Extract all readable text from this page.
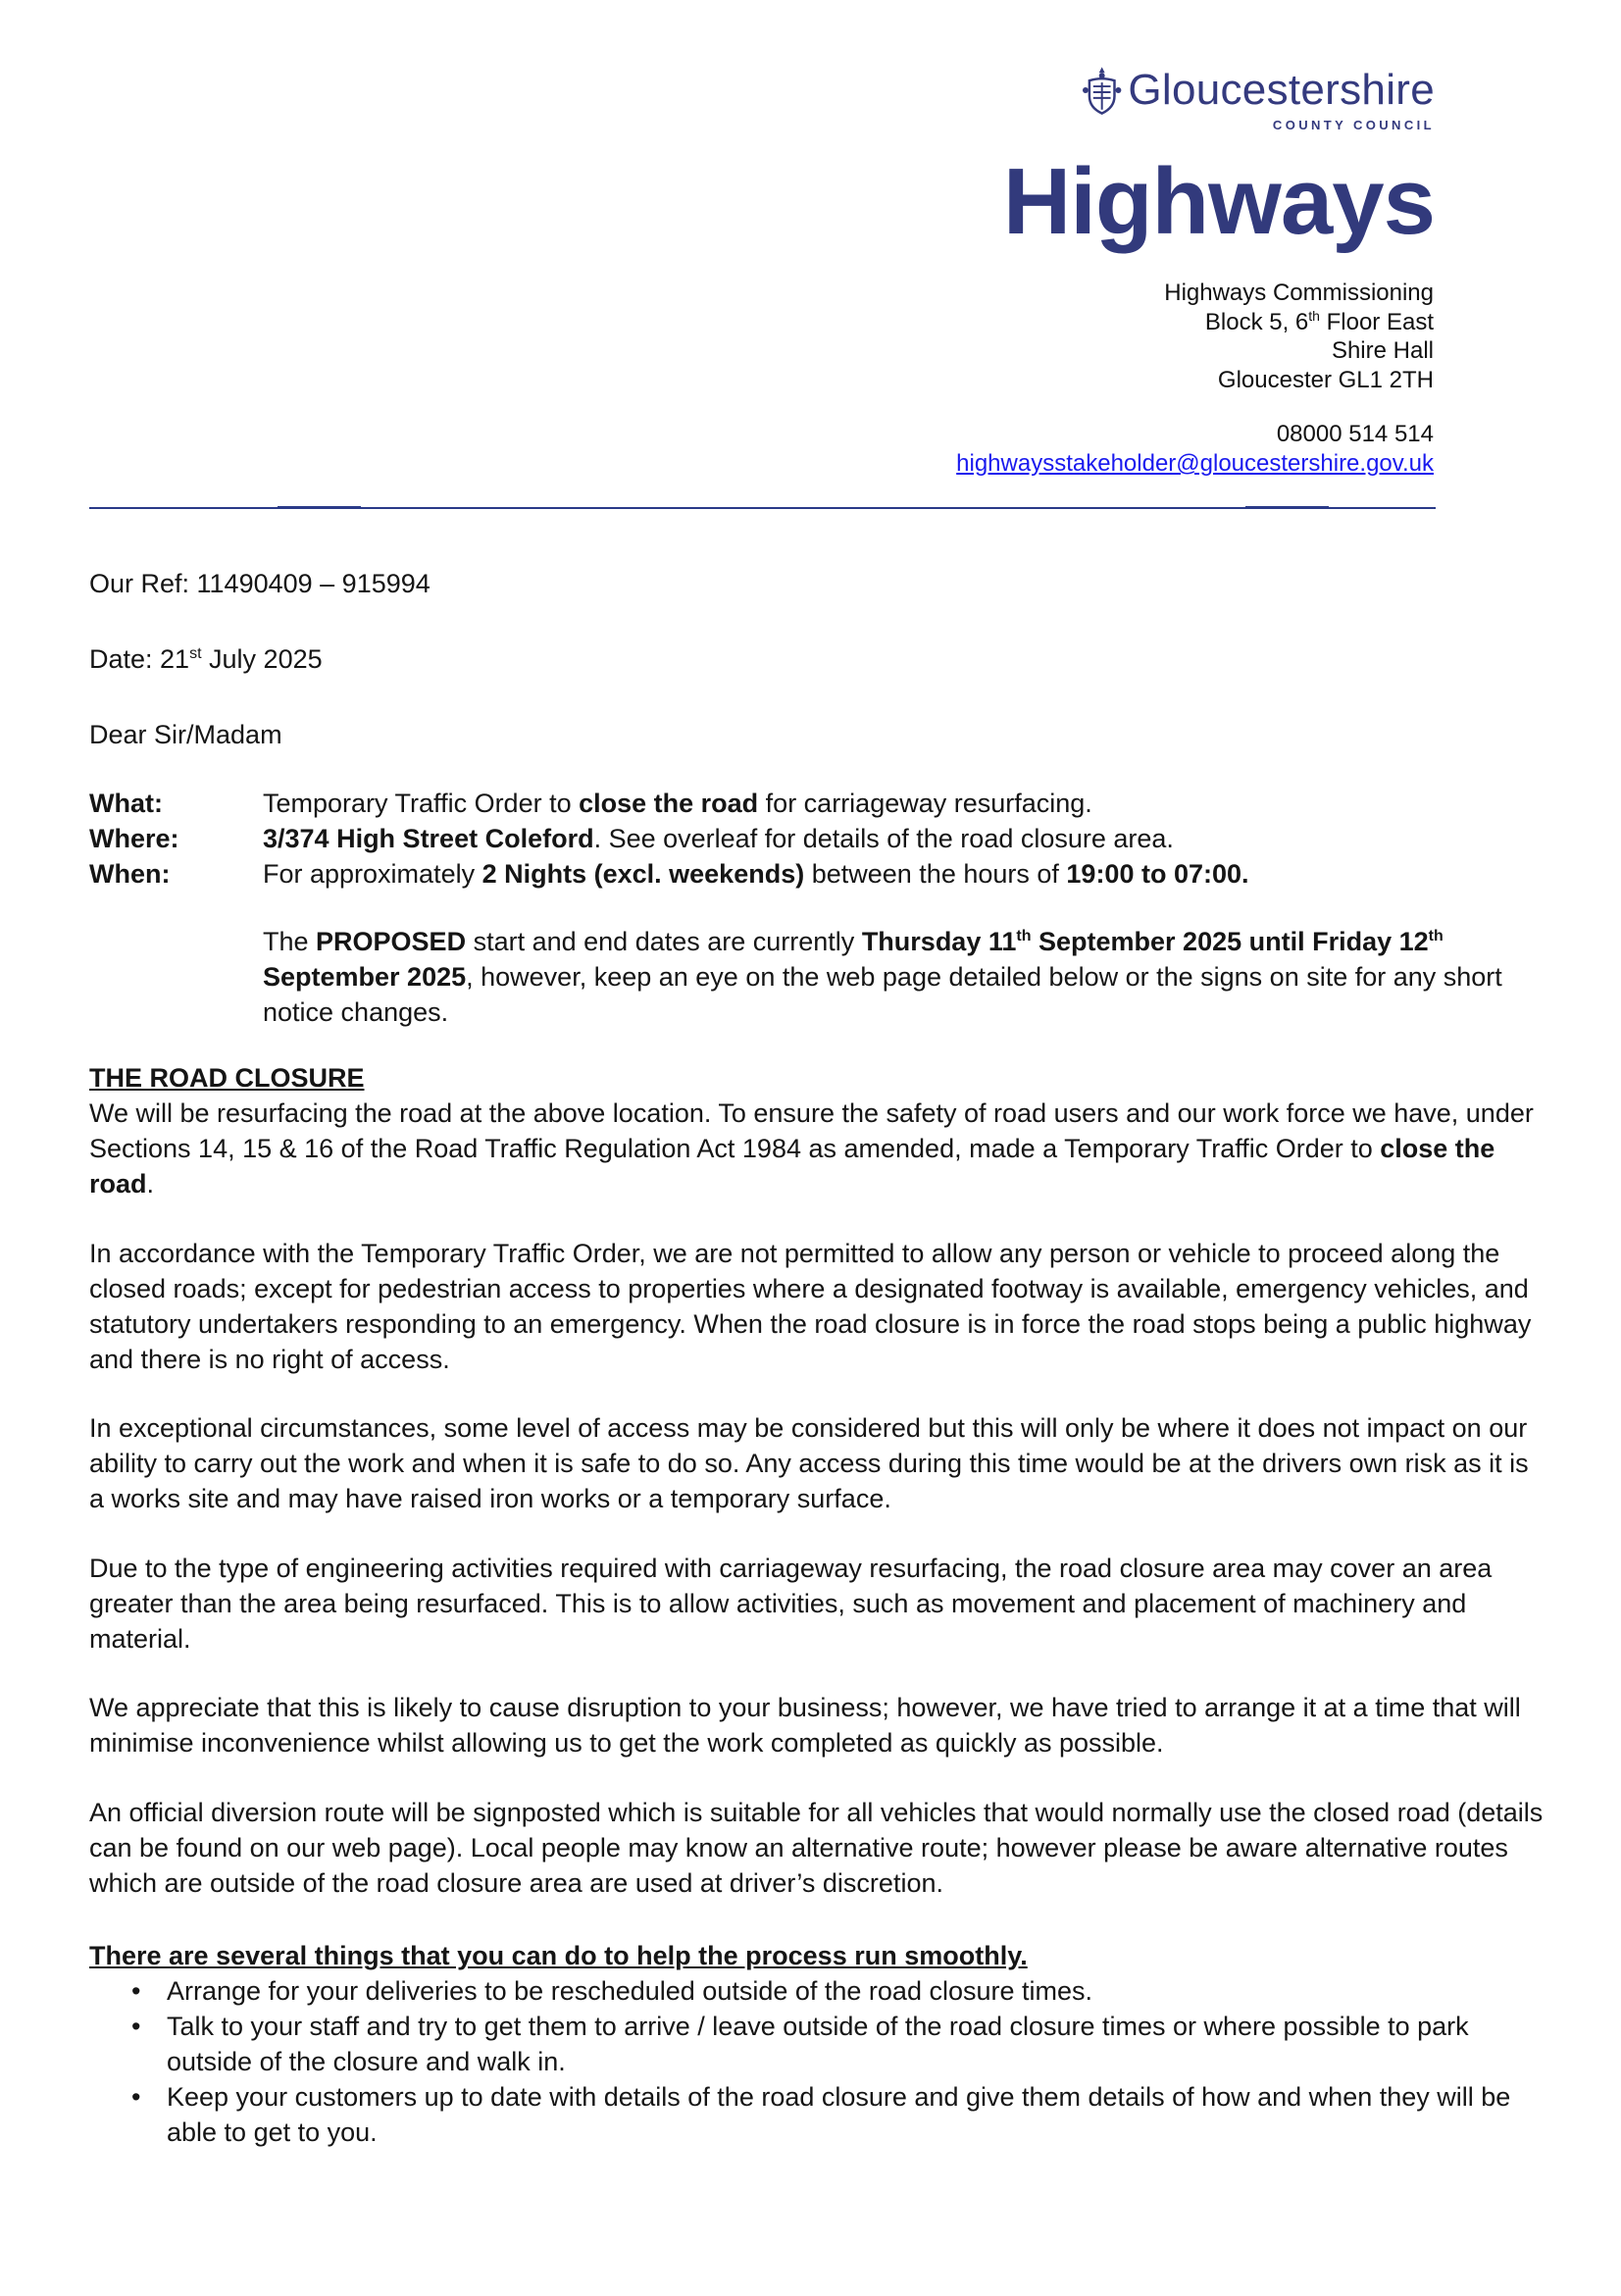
Gloucestershire
COUNTY COUNCIL
Highways
Highways Commissioning
Block 5, 6th Floor East
Shire Hall
Gloucester GL1 2TH
08000 514 514
highwaysstakeholder@gloucestershire.gov.uk
Our Ref: 11490409 – 915994
Date: 21st July 2025
Dear Sir/Madam
What:	Temporary Traffic Order to close the road for carriageway resurfacing.
Where:	3/374 High Street Coleford. See overleaf for details of the road closure area.
When:	For approximately 2 Nights (excl. weekends) between the hours of 19:00 to 07:00.
The PROPOSED start and end dates are currently Thursday 11th September 2025 until Friday 12th September 2025, however, keep an eye on the web page detailed below or the signs on site for any short notice changes.
THE ROAD CLOSURE
We will be resurfacing the road at the above location. To ensure the safety of road users and our work force we have, under Sections 14, 15 & 16 of the Road Traffic Regulation Act 1984 as amended, made a Temporary Traffic Order to close the road.
In accordance with the Temporary Traffic Order, we are not permitted to allow any person or vehicle to proceed along the closed roads; except for pedestrian access to properties where a designated footway is available, emergency vehicles, and statutory undertakers responding to an emergency. When the road closure is in force the road stops being a public highway and there is no right of access.
In exceptional circumstances, some level of access may be considered but this will only be where it does not impact on our ability to carry out the work and when it is safe to do so. Any access during this time would be at the drivers own risk as it is a works site and may have raised iron works or a temporary surface.
Due to the type of engineering activities required with carriageway resurfacing, the road closure area may cover an area greater than the area being resurfaced. This is to allow activities, such as movement and placement of machinery and material.
We appreciate that this is likely to cause disruption to your business; however, we have tried to arrange it at a time that will minimise inconvenience whilst allowing us to get the work completed as quickly as possible.
An official diversion route will be signposted which is suitable for all vehicles that would normally use the closed road (details can be found on our web page). Local people may know an alternative route; however please be aware alternative routes which are outside of the road closure area are used at driver’s discretion.
There are several things that you can do to help the process run smoothly.
• Arrange for your deliveries to be rescheduled outside of the road closure times.
• Talk to your staff and try to get them to arrive / leave outside of the road closure times or where possible to park outside of the closure and walk in.
• Keep your customers up to date with details of the road closure and give them details of how and when they will be able to get to you.
